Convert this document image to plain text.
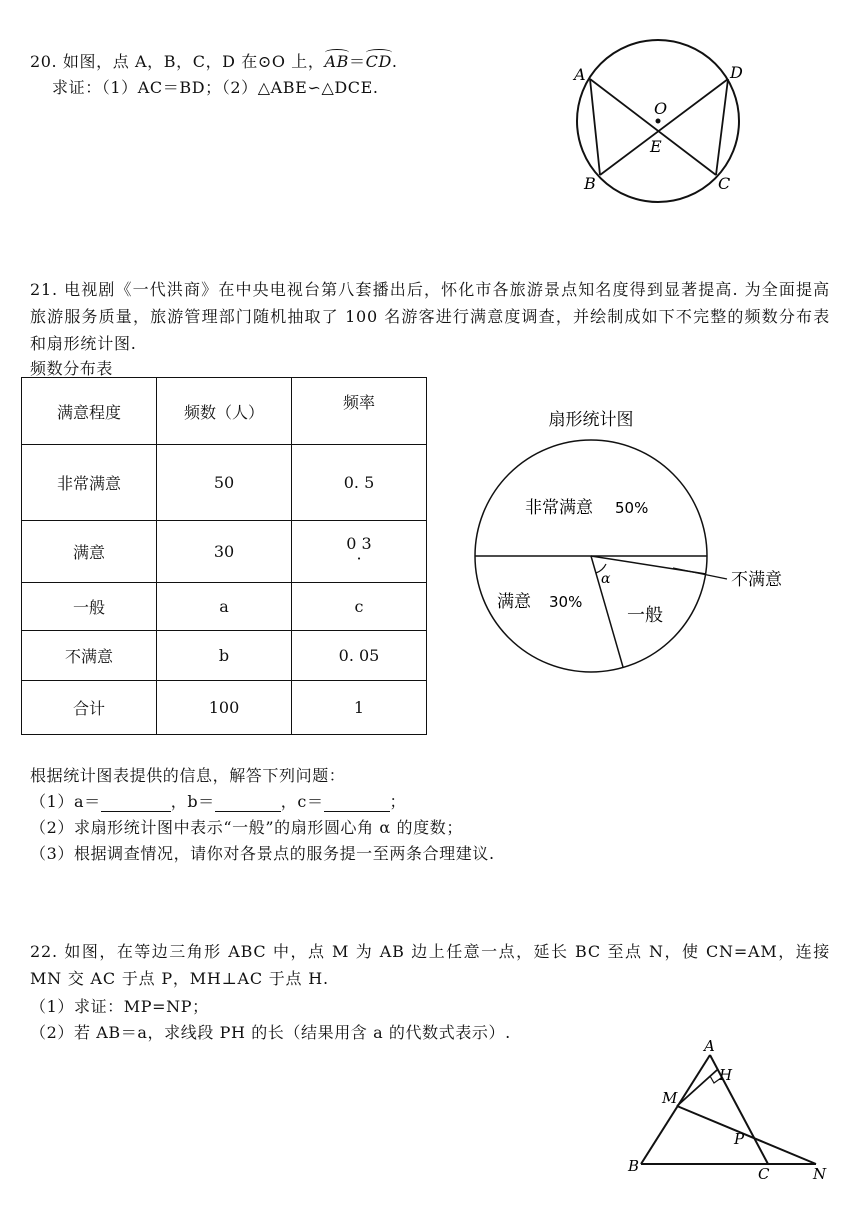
20. 如图，点 A，B，C，D 在⊙O 上，AB＝CD.
求证：（1）AC＝BD；（2）△ABE∽△DCE.
A	D
O
E
B	C
21. 电视剧《一代洪商》在中央电视台第八套播出后，怀化市各旅游景点知名度得到显著提高. 为全面提高旅游服务质量，旅游管理部门随机抽取了 100 名游客进行满意度调查，并绘制成如下不完整的频数分布表和扇形统计图.
频数分布表
满意程度	频数（人）	频率
非常满意	50	0. 5
满意	30	0 3
·

一般	a	c
不满意	b	0. 05
合计	100	1
扇形统计图
非常满意 50%
满意 30%
一般
α	不满意
根据统计图表提供的信息，解答下列问题：
（1）a＝	，b＝	，c＝	；
（2）求扇形统计图中表示“一般”的扇形圆心角 α 的度数；
（3）根据调查情况，请你对各景点的服务提一至两条合理建议.
22. 如图，在等边三角形 ABC 中，点 M 为 AB 边上任意一点，延长 BC 至点 N，使 CN=AM，连接 MN 交 AC 于点 P，MH⊥AC 于点 H.
（1）求证：MP=NP；
（2）若 AB＝a，求线段 PH 的长（结果用含 a 的代数式表示）.
A
H
M
P
B	C	N
